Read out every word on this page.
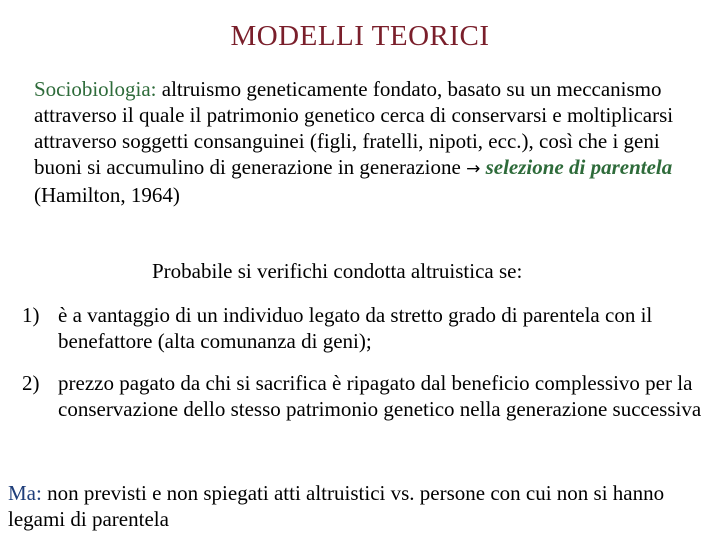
MODELLI TEORICI
Sociobiologia: altruismo geneticamente fondato, basato su un meccanismo attraverso il quale il patrimonio genetico cerca di conservarsi e moltiplicarsi attraverso soggetti consanguinei (figli, fratelli, nipoti, ecc.), così che i geni buoni si accumulino di generazione in generazione → selezione di parentela (Hamilton, 1964)
Probabile si verifichi condotta altruistica se:
1) è a vantaggio di un individuo legato da stretto grado di parentela con il benefattore (alta comunanza di geni);
2) prezzo pagato da chi si sacrifica è ripagato dal beneficio complessivo per la conservazione dello stesso patrimonio genetico nella generazione successiva
Ma: non previsti e non spiegati atti altruistici vs. persone con cui non si hanno legami di parentela
